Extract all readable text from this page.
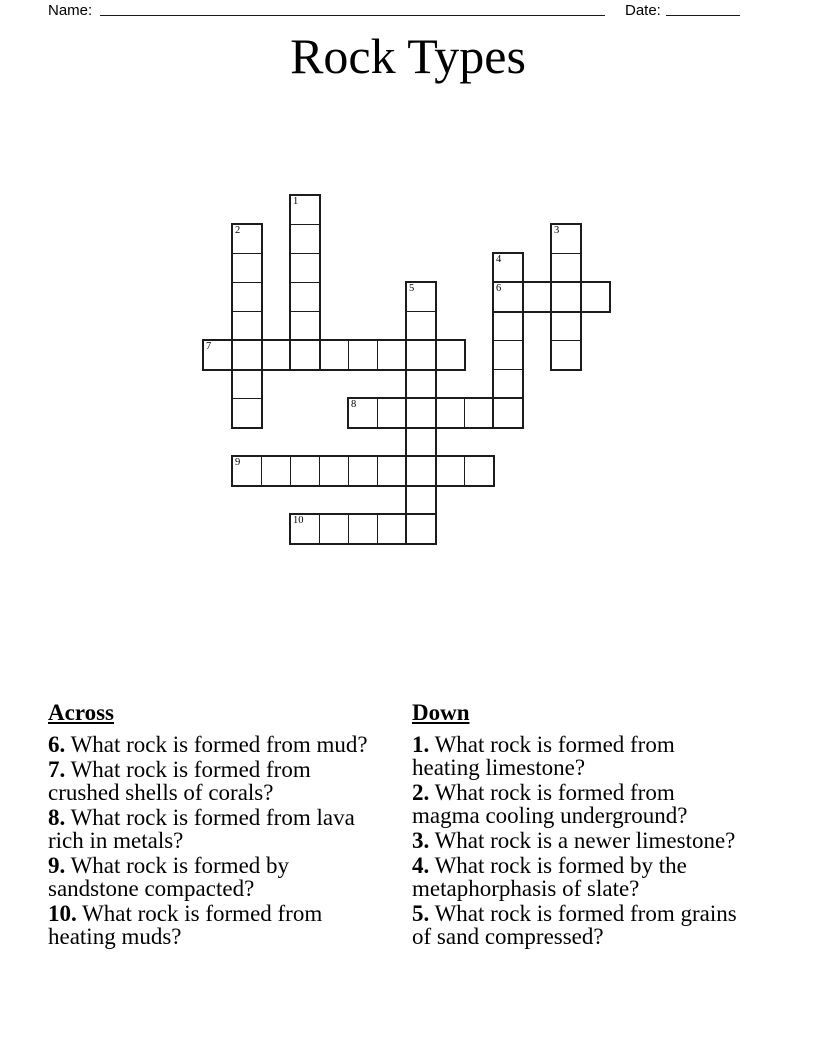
Name:	Date:
Rock Types
1
2	3
4
5	6
7
8
9
10

Across

6. What rock is formed from mud?

7. What rock is formed from crushed shells of corals?

8. What rock is formed from lava rich in metals?

9. What rock is formed by sandstone compacted?

10. What rock is formed from heating muds?

Down

1. What rock is formed from heating limestone?

2. What rock is formed from magma cooling underground?

3. What rock is a newer limestone?

4. What rock is formed by the metaphorphasis of slate?

5. What rock is formed from grains of sand compressed?
